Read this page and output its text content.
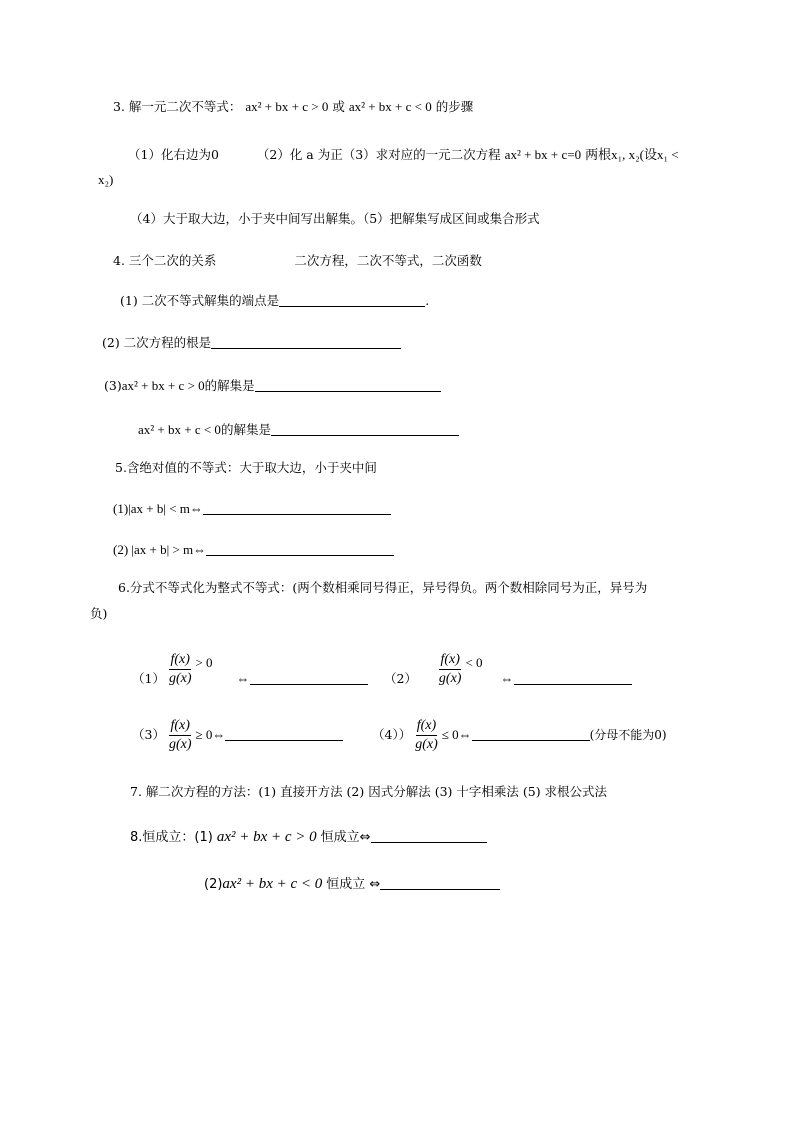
3. 解一元二次不等式： ax² + bx + c > 0 或 ax² + bx + c < 0 的步骤
（1）化右边为0	（2）化 a 为正（3）求对应的一元二次方程 ax² + bx + c=0 两根x₁, x₂(设x₁ <
x₂)
（4）大于取大边，小于夹中间写出解集。（5）把解集写成区间或集合形式
4. 三个二次的关系	二次方程，二次不等式，二次函数
(1) 二次不等式解集的端点是	.
(2) 二次方程的根是
(3)ax² + bx + c > 0的解集是
ax² + bx + c < 0的解集是
5.含绝对值的不等式：大于取大边，小于夹中间
(1)|ax + b| < m⇔
(2) |ax + b| > m⇔
6.分式不等式化为整式不等式：(两个数相乘同号得正，异号得负。两个数相除同号为正，异号为
负)
$(1) \frac{f(x)}{g(x)} > 0$  ⇔	$(2) \frac{f(x)}{g(x)} < 0$  ⇔
$(3) \frac{f(x)}{g(x)}$ ≥ 0⇔	$(4)) \frac{f(x)}{g(x)}$ ≤ 0⇔	(分母不能为0)
7. 解二次方程的方法：(1) 直接开方法 (2) 因式分解法 (3) 十字相乘法 (5) 求根公式法
8.恒成立：(1) ax² + bx + c > 0 恒成立⇔
(2)ax² + bx + c < 0 恒成立 ⇔
